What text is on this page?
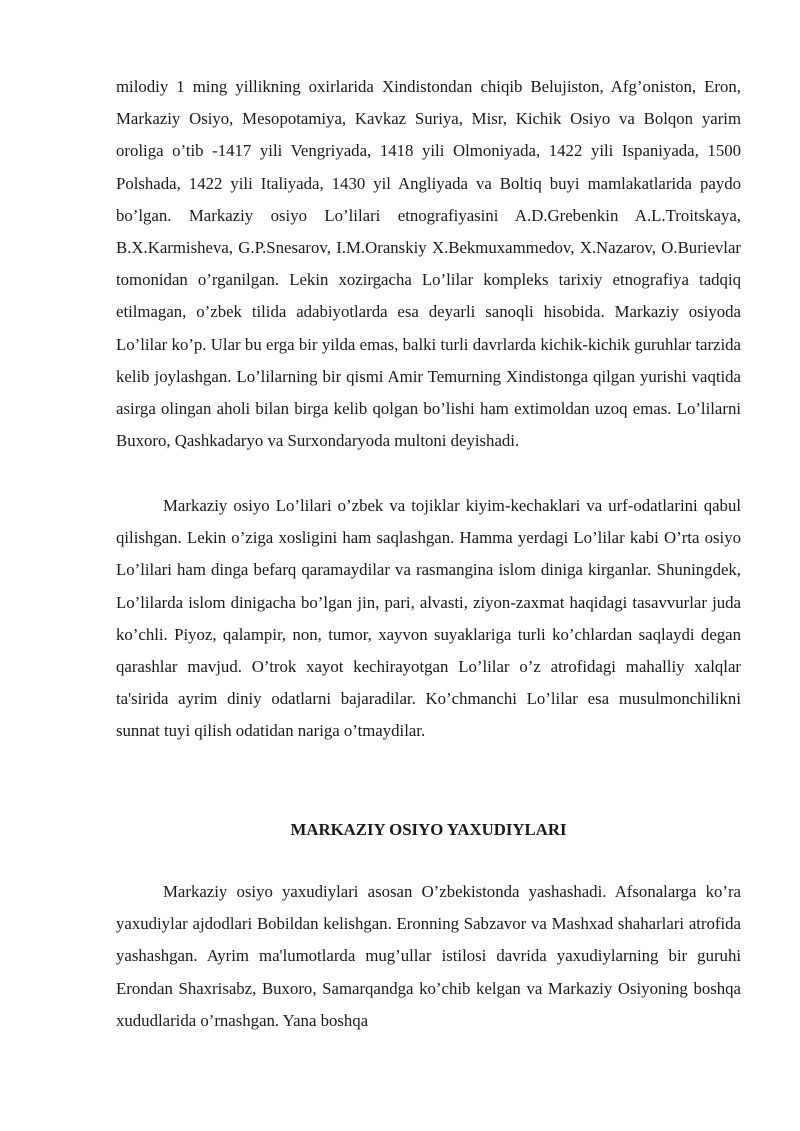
milodiy 1 ming yillikning oxirlarida Xindistondan chiqib Belujiston, Afg’oniston, Eron, Markaziy Osiyo, Mesopotamiya, Kavkaz Suriya, Misr, Kichik Osiyo va Bolqon yarim oroliga o’tib -1417 yili Vengriyada, 1418 yili Olmoniyada, 1422 yili Ispaniyada, 1500 Polshada, 1422 yili Italiyada, 1430 yil Angliyada va Boltiq buyi mamlakatlarida paydo bo’lgan. Markaziy osiyo Lo’lilari etnografiyasini A.D.Grebenkin A.L.Troitskaya, B.X.Karmisheva, G.P.Snesarov, I.M.Oranskiy X.Bekmuxammedov, X.Nazarov, O.Burievlar tomonidan o’rganilgan. Lekin xozirgacha Lo’lilar kompleks tarixiy etnografiya tadqiq etilmagan, o’zbek tilida adabiyotlarda esa deyarli sanoqli hisobida. Markaziy osiyoda Lo’lilar ko’p. Ular bu erga bir yilda emas, balki turli davrlarda kichik-kichik guruhlar tarzida kelib joylashgan. Lo’lilarning bir qismi Amir Temurning Xindistonga qilgan yurishi vaqtida asirga olingan aholi bilan birga kelib qolgan bo’lishi ham extimoldan uzoq emas. Lo’lilarni Buxoro, Qashkadaryo va Surxondaryoda multoni deyishadi.

Markaziy osiyo Lo’lilari o’zbek va tojiklar kiyim-kechaklari va urf-odatlarini qabul qilishgan. Lekin o’ziga xosligini ham saqlashgan. Hamma yerdagi Lo’lilar kabi O’rta osiyo Lo’lilari ham dinga befarq qaramaydilar va rasmangina islom diniga kirganlar. Shuningdek, Lo’lilarda islom dinigacha bo’lgan jin, pari, alvasti, ziyon-zaxmat haqidagi tasavvurlar juda ko’chli. Piyoz, qalampir, non, tumor, xayvon suyaklariga turli ko’chlardan saqlaydi degan qarashlar mavjud. O’trok xayot kechirayotgan Lo’lilar o’z atrofidagi mahalliy xalqlar ta'sirida ayrim diniy odatlarni bajaradilar. Ko’chmanchi Lo’lilar esa musulmonchilikni sunnat tuyi qilish odatidan nariga o’tmaydilar.

MARKAZIY OSIYO YAXUDIYLARI

Markaziy osiyo yaxudiylari asosan O’zbekistonda yashashadi. Afsonalarga ko’ra yaxudiylar ajdodlari Bobildan kelishgan. Eronning Sabzavor va Mashxad shaharlari atrofida yashashgan. Ayrim ma'lumotlarda mug’ullar istilosi davrida yaxudiylarning bir guruhi Erondan Shaxrisabz, Buxoro, Samarqandga ko’chib kelgan va Markaziy Osiyoning boshqa xududlarida o’rnashgan. Yana boshqa
